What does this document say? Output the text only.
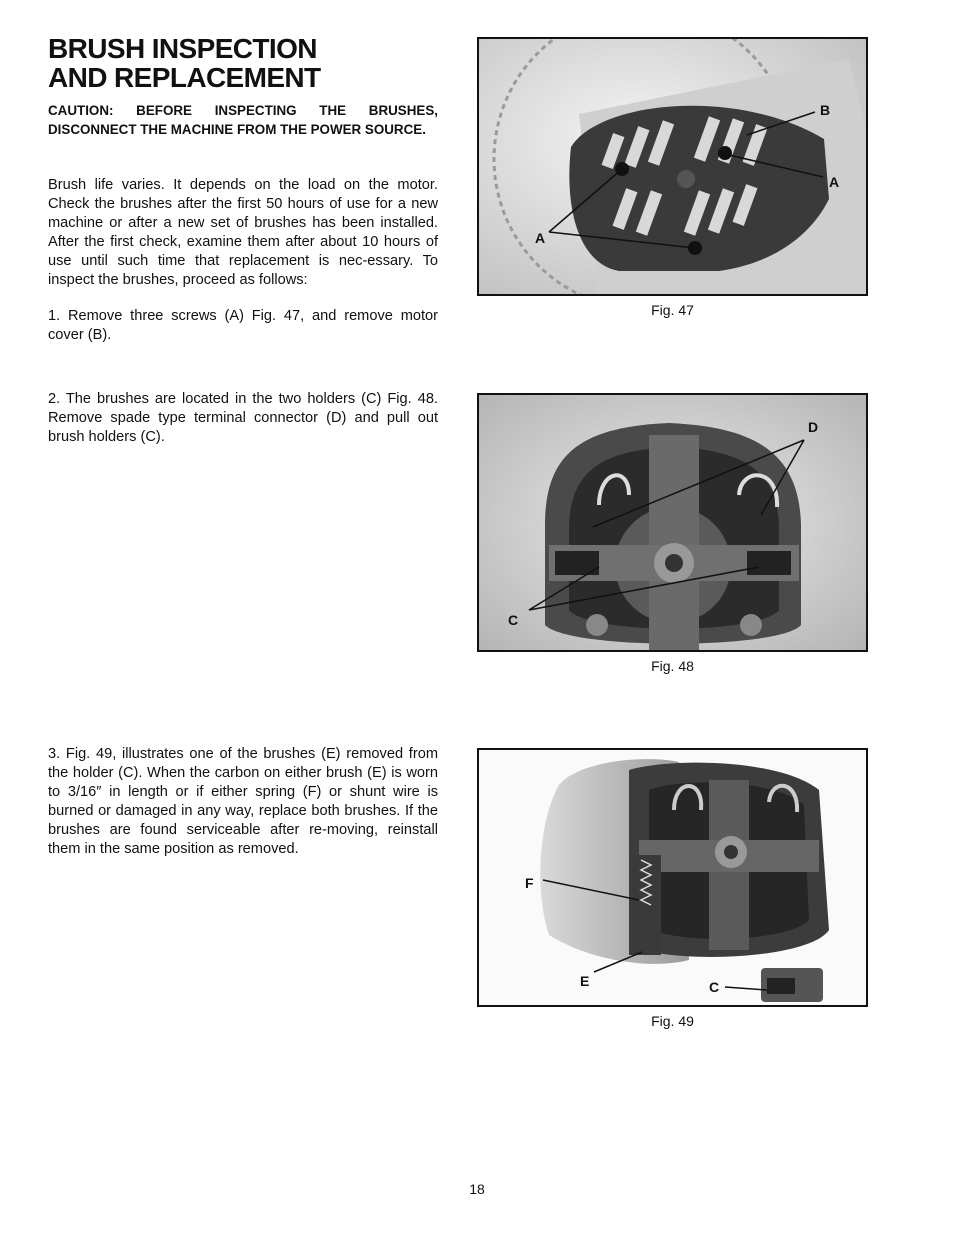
BRUSH INSPECTION
AND REPLACEMENT

CAUTION: BEFORE INSPECTING THE BRUSHES, DISCONNECT THE MACHINE FROM THE POWER SOURCE.

Brush life varies. It depends on the load on the motor. Check the brushes after the first 50 hours of use for a new machine or after a new set of brushes has been installed. After the first check, examine them after about 10 hours of use until such time that replacement is nec-essary. To inspect the brushes, proceed as follows:

1. Remove three screws (A) Fig. 47, and remove motor cover (B).

2. The brushes are located in the two holders (C) Fig. 48. Remove spade type terminal connector (D) and pull out brush holders (C).

3. Fig. 49, illustrates one of the brushes (E) removed from the holder (C). When the carbon on either brush (E) is worn to 3/16″ in length or if either spring (F) or shunt wire is burned or damaged in any way, replace both brushes. If the brushes are found serviceable after re-moving, reinstall them in the same position as removed.

B
A
A
Fig. 47
D
C
Fig. 48
F
E	C
Fig. 49
18
